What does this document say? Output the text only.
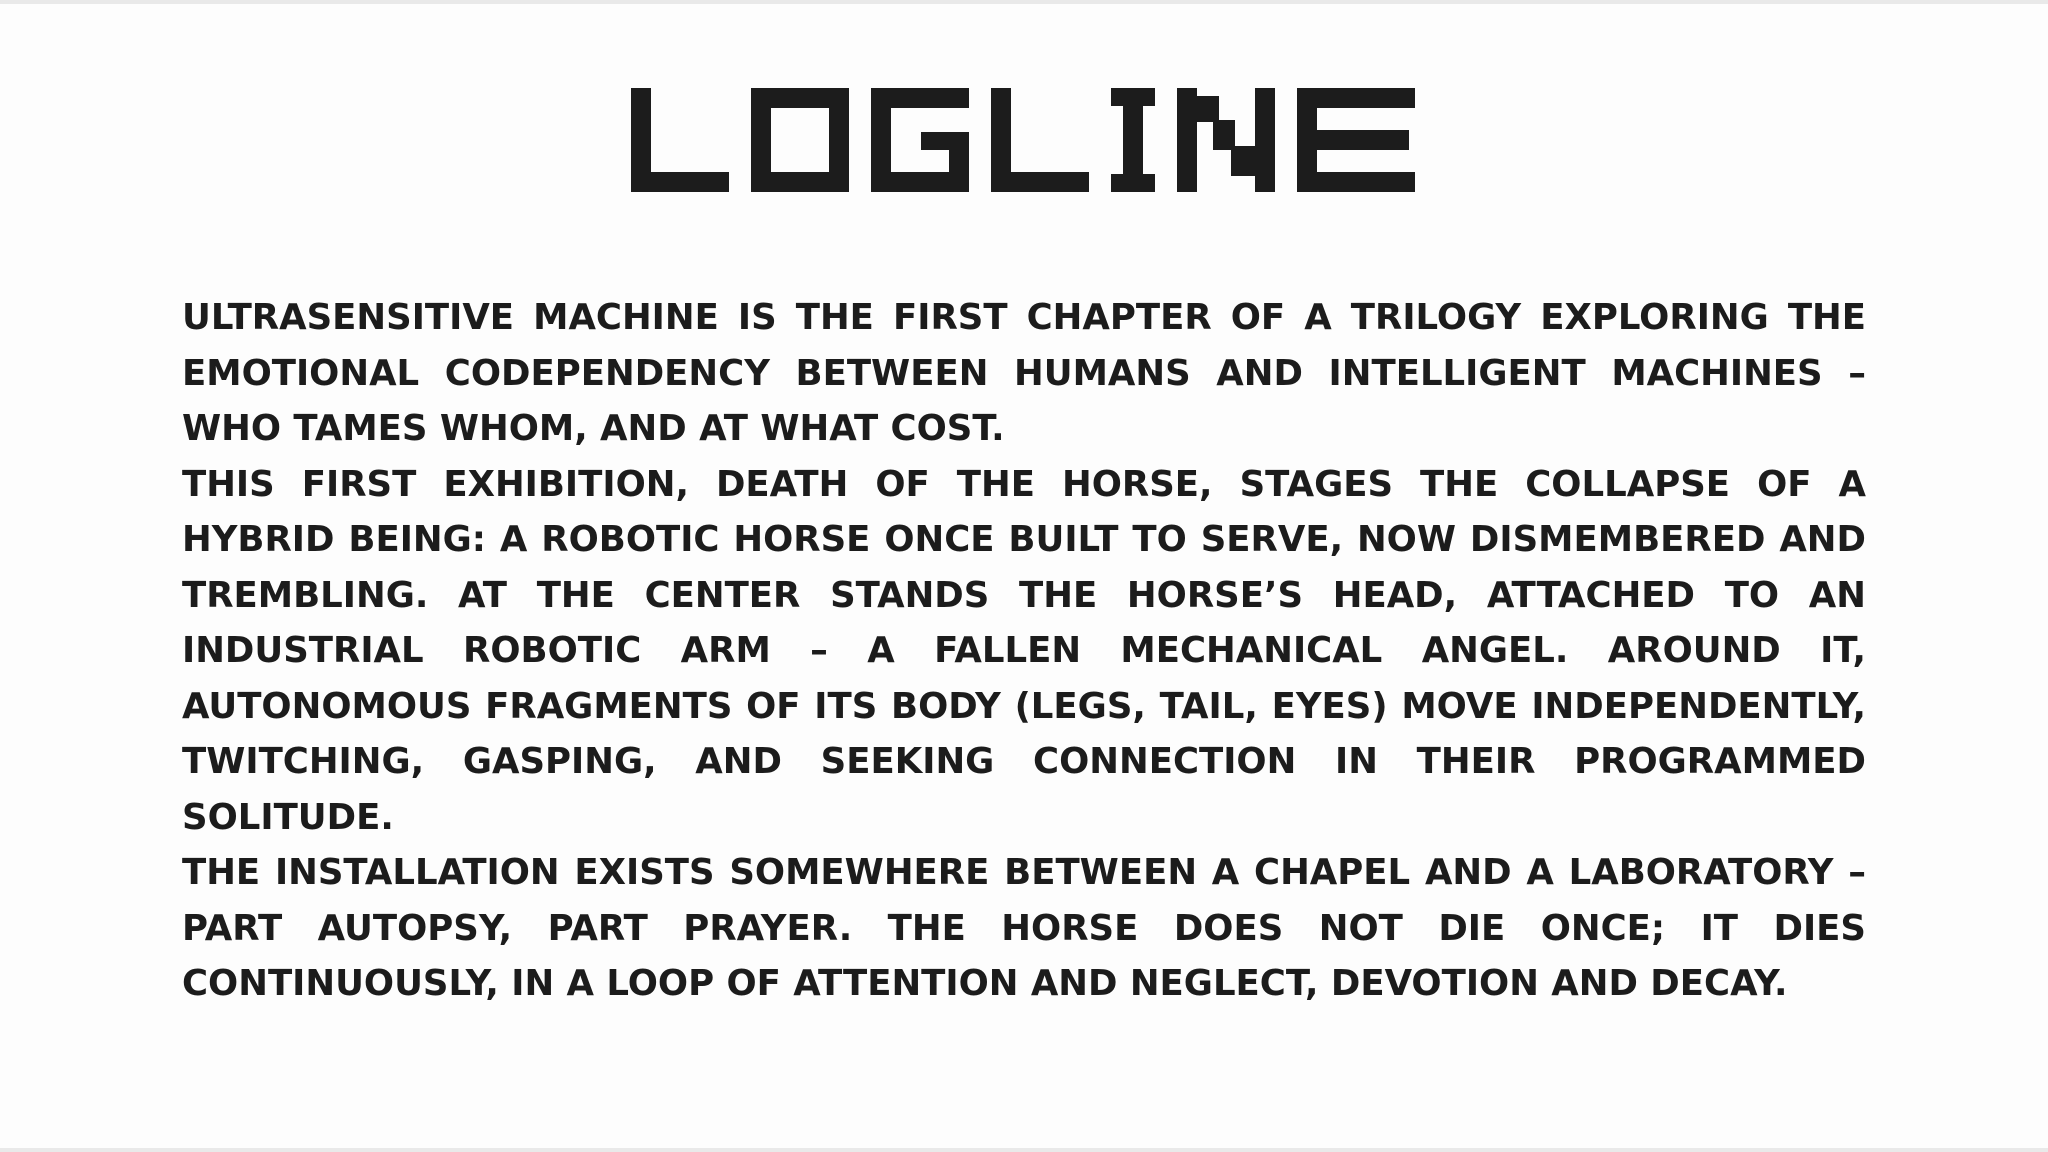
ULTRASENSITIVE MACHINE IS THE FIRST CHAPTER OF A TRILOGY EXPLORING THE EMOTIONAL CODEPENDENCY BETWEEN HUMANS AND INTELLIGENT MACHINES – WHO TAMES WHOM, AND AT WHAT COST.

THIS FIRST EXHIBITION, DEATH OF THE HORSE, STAGES THE COLLAPSE OF A HYBRID BEING: A ROBOTIC HORSE ONCE BUILT TO SERVE, NOW DISMEMBERED AND TREMBLING. AT THE CENTER STANDS THE HORSE’S HEAD, ATTACHED TO AN INDUSTRIAL ROBOTIC ARM – A FALLEN MECHANICAL ANGEL. AROUND IT, AUTONOMOUS FRAGMENTS OF ITS BODY (LEGS, TAIL, EYES) MOVE INDEPENDENTLY, TWITCHING, GASPING, AND SEEKING CONNECTION IN THEIR PROGRAMMED SOLITUDE.

THE INSTALLATION EXISTS SOMEWHERE BETWEEN A CHAPEL AND A LABORATORY – PART AUTOPSY, PART PRAYER. THE HORSE DOES NOT DIE ONCE; IT DIES CONTINUOUSLY, IN A LOOP OF ATTENTION AND NEGLECT, DEVOTION AND DECAY.
